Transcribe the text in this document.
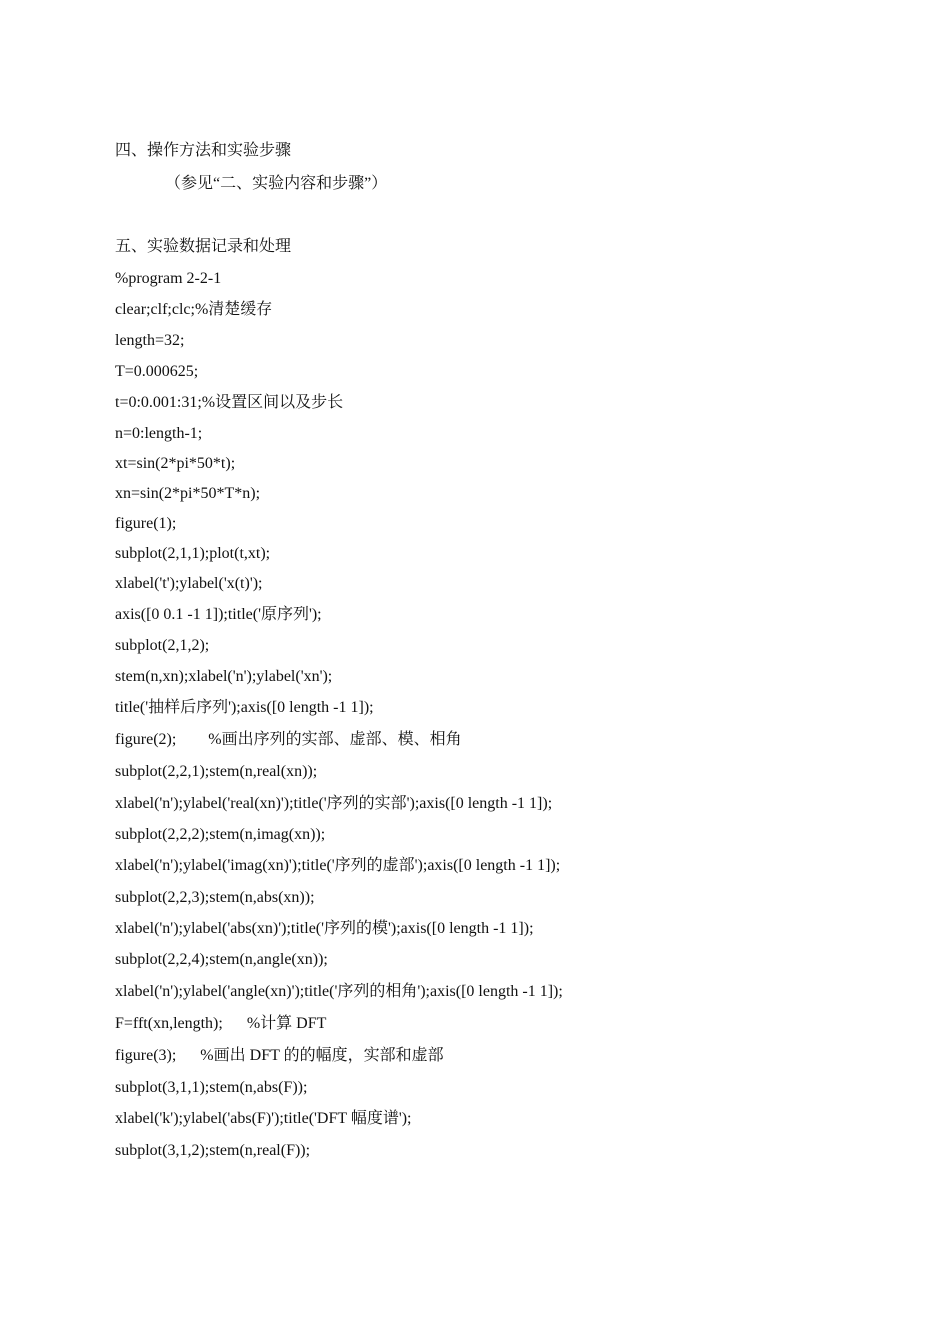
四、操作方法和实验步骤
（参见“二、实验内容和步骤”）
五、实验数据记录和处理
%program 2-2-1
clear;clf;clc;%清楚缓存
length=32;
T=0.000625;
t=0:0.001:31;%设置区间以及步长
n=0:length-1;
xt=sin(2*pi*50*t);
xn=sin(2*pi*50*T*n);
figure(1);
subplot(2,1,1);plot(t,xt);
xlabel('t');ylabel('x(t)');
axis([0 0.1 -1 1]);title('原序列');
subplot(2,1,2);
stem(n,xn);xlabel('n');ylabel('xn');
title('抽样后序列');axis([0 length -1 1]);
figure(2);        %画出序列的实部、虚部、模、相角
subplot(2,2,1);stem(n,real(xn));
xlabel('n');ylabel('real(xn)');title('序列的实部');axis([0 length -1 1]);
subplot(2,2,2);stem(n,imag(xn));
xlabel('n');ylabel('imag(xn)');title('序列的虚部');axis([0 length -1 1]);
subplot(2,2,3);stem(n,abs(xn));
xlabel('n');ylabel('abs(xn)');title('序列的模');axis([0 length -1 1]);
subplot(2,2,4);stem(n,angle(xn));
xlabel('n');ylabel('angle(xn)');title('序列的相角');axis([0 length -1 1]);
F=fft(xn,length);      %计算 DFT
figure(3);      %画出 DFT 的的幅度，实部和虚部
subplot(3,1,1);stem(n,abs(F));
xlabel('k');ylabel('abs(F)');title('DFT 幅度谱');
subplot(3,1,2);stem(n,real(F));
